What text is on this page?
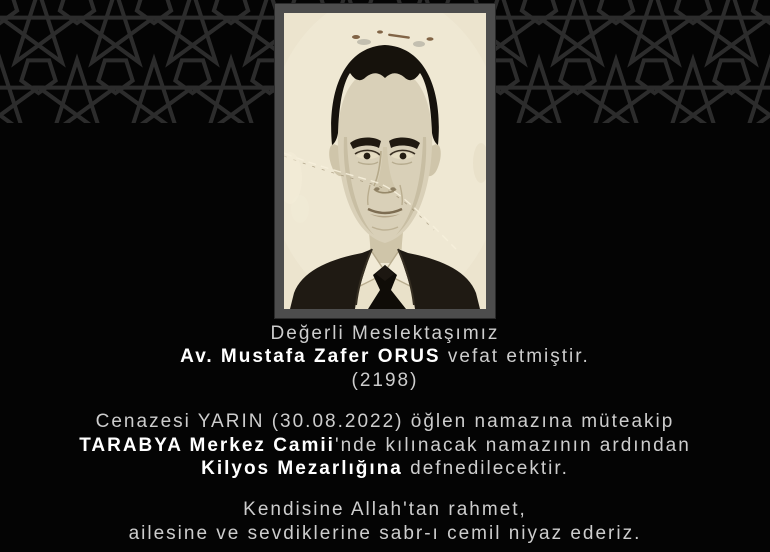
Değerli Meslektaşımız
Av. Mustafa Zafer ORUS vefat etmiştir.
(2198)
Cenazesi YARIN (30.08.2022) öğlen namazına müteakip
TARABYA Merkez Camii'nde kılınacak namazının ardından
Kilyos Mezarlığına defnedilecektir.
Kendisine Allah'tan rahmet,
ailesine ve sevdiklerine sabr-ı cemil niyaz ederiz.
